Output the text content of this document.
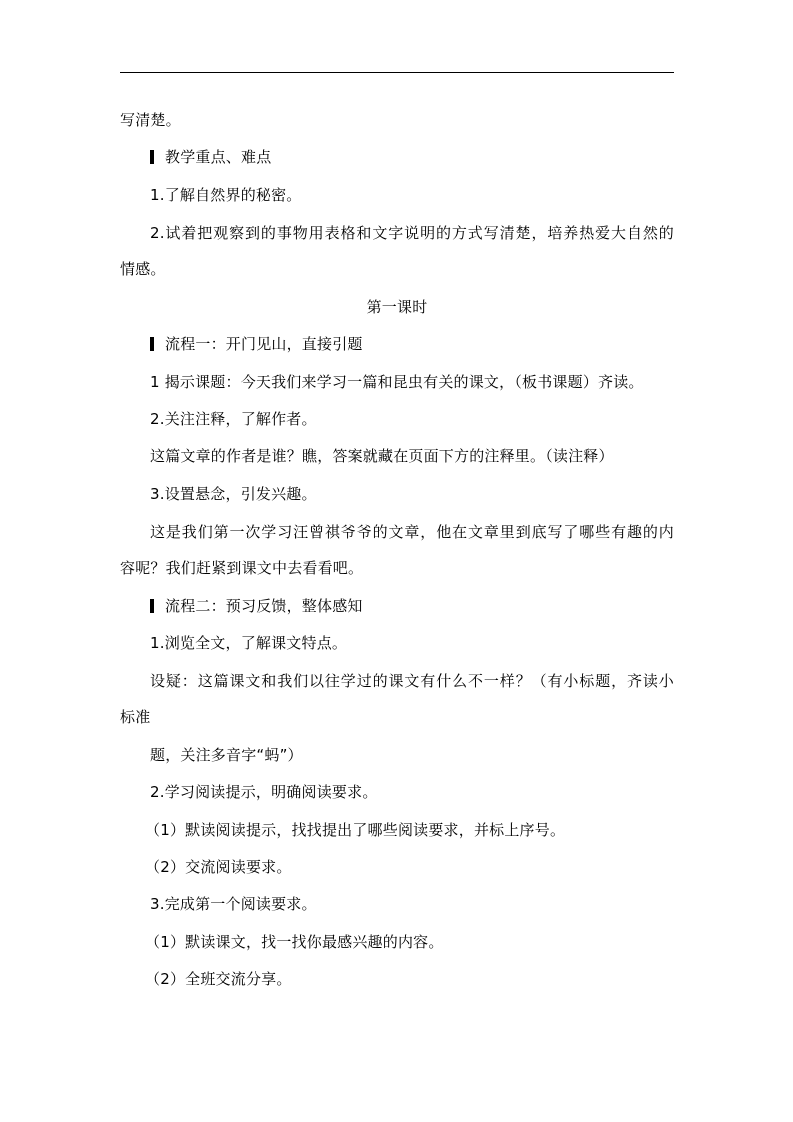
写清楚。
教学重点、难点
1.了解自然界的秘密。
2.试着把观察到的事物用表格和文字说明的方式写清楚，培养热爱大自然的
情感。
第一课时
流程一：开门见山，直接引题
1 揭示课题：今天我们来学习一篇和昆虫有关的课文，（板书课题）齐读。
2.关注注释，了解作者。
这篇文章的作者是谁？瞧，答案就藏在页面下方的注释里。（读注释）
3.设置悬念，引发兴趣。
这是我们第一次学习汪曾祺爷爷的文章，他在文章里到底写了哪些有趣的内
容呢？我们赶紧到课文中去看看吧。
流程二：预习反馈，整体感知
1.浏览全文，了解课文特点。
设疑：这篇课文和我们以往学过的课文有什么不一样？（有小标题，齐读小
标准
题，关注多音字“蚂”）
2.学习阅读提示，明确阅读要求。
（1）默读阅读提示，找找提出了哪些阅读要求，并标上序号。
（2）交流阅读要求。
3.完成第一个阅读要求。
（1）默读课文，找一找你最感兴趣的内容。
（2）全班交流分享。
